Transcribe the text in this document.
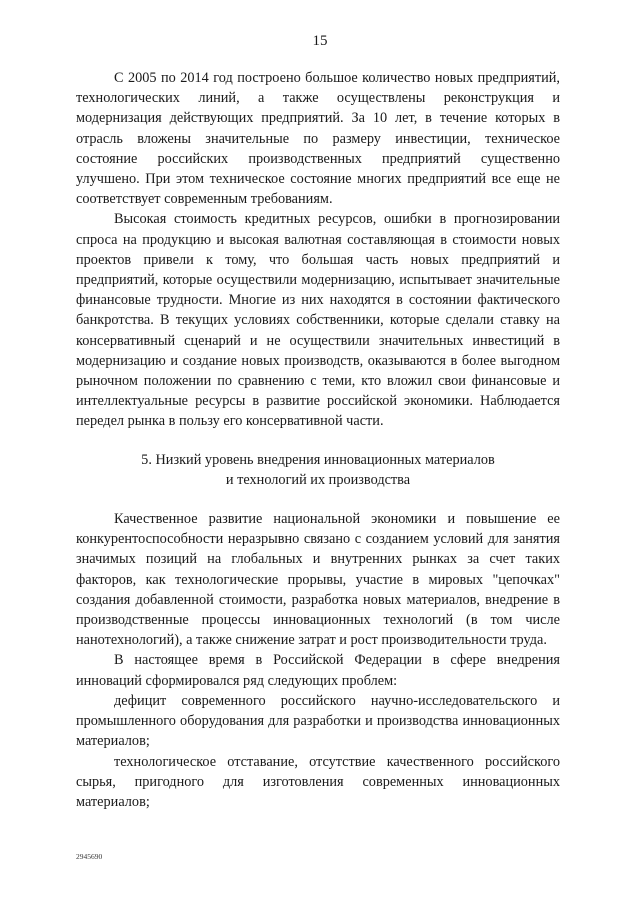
15

С 2005 по 2014 год построено большое количество новых предприятий, технологических линий, а также осуществлены реконструкция и модернизация действующих предприятий. За 10 лет, в течение которых в отрасль вложены значительные по размеру инвестиции, техническое состояние российских производственных предприятий существенно улучшено. При этом техническое состояние многих предприятий все еще не соответствует современным требованиям.

Высокая стоимость кредитных ресурсов, ошибки в прогнозировании спроса на продукцию и высокая валютная составляющая в стоимости новых проектов привели к тому, что большая часть новых предприятий и предприятий, которые осуществили модернизацию, испытывает значительные финансовые трудности. Многие из них находятся в состоянии фактического банкротства. В текущих условиях собственники, которые сделали ставку на консервативный сценарий и не осуществили значительных инвестиций в модернизацию и создание новых производств, оказываются в более выгодном рыночном положении по сравнению с теми, кто вложил свои финансовые и интеллектуальные ресурсы в развитие российской экономики. Наблюдается передел рынка в пользу его консервативной части.

5. Низкий уровень внедрения инновационных материалов
и технологий их производства

Качественное развитие национальной экономики и повышение ее конкурентоспособности неразрывно связано с созданием условий для занятия значимых позиций на глобальных и внутренних рынках за счет таких факторов, как технологические прорывы, участие в мировых "цепочках" создания добавленной стоимости, разработка новых материалов, внедрение в производственные процессы инновационных технологий (в том числе нанотехнологий), а также снижение затрат и рост производительности труда.

В настоящее время в Российской Федерации в сфере внедрения инноваций сформировался ряд следующих проблем:

дефицит современного российского научно-исследовательского и промышленного оборудования для разработки и производства инновационных материалов;

технологическое отставание, отсутствие качественного российского сырья, пригодного для изготовления современных инновационных материалов;

2945690
